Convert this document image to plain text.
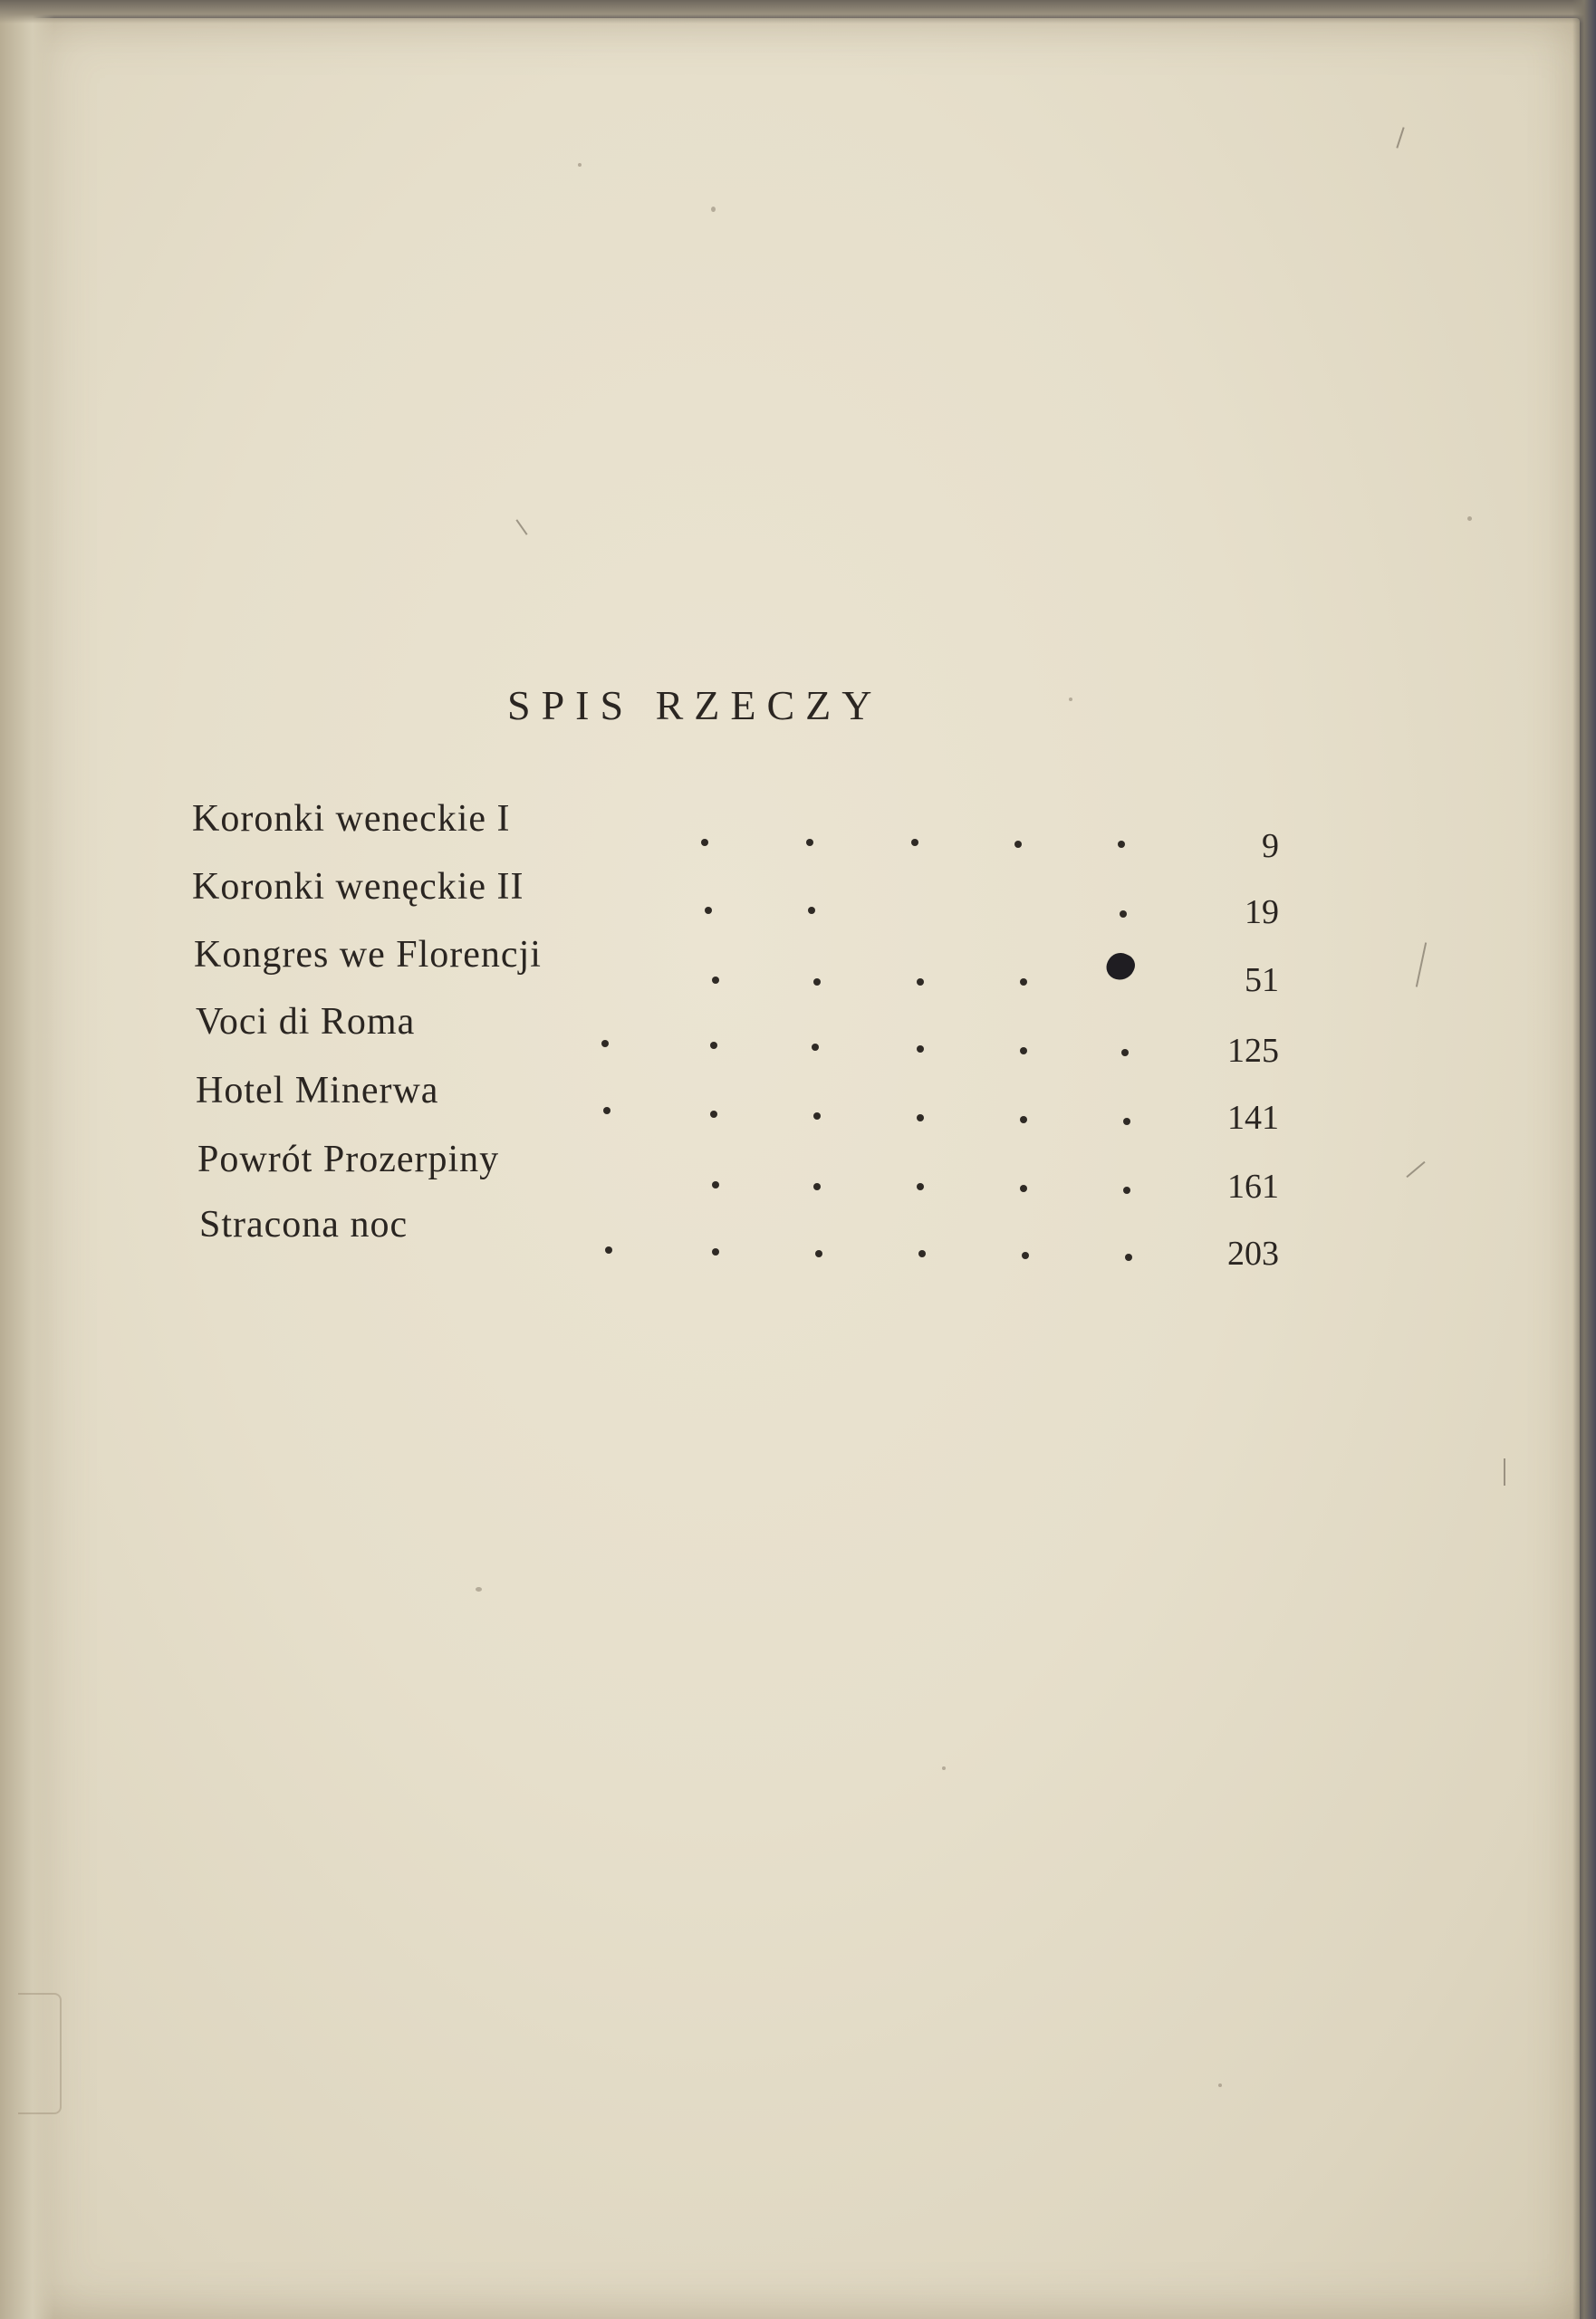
SPIS RZECZY
Koronki weneckie I
9
Koronki wenęckie II
19
Kongres we Florencji
51
Voci di Roma
125
Hotel Minerwa
141
Powrót Prozerpiny
161
Stracona noc
203
